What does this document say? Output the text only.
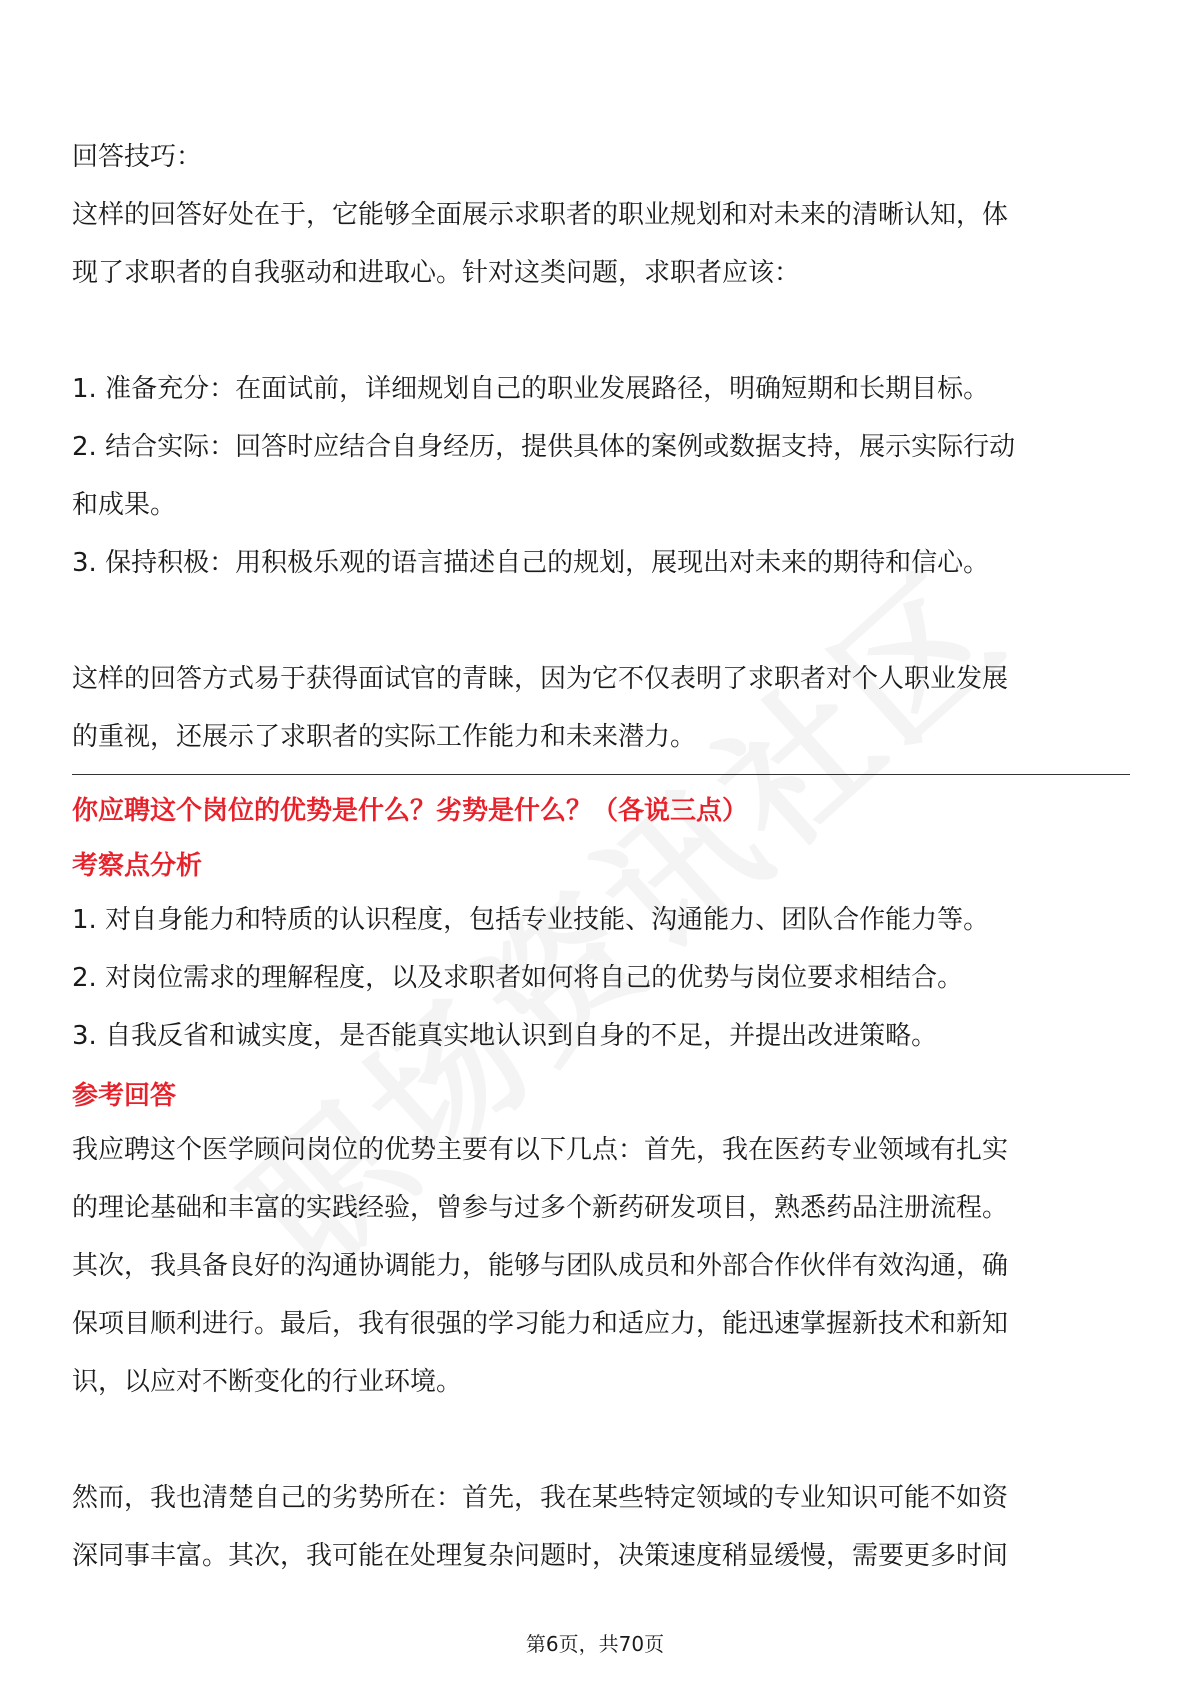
回答技巧：
这样的回答好处在于，它能够全面展示求职者的职业规划和对未来的清晰认知，体
现了求职者的自我驱动和进取心。针对这类问题，求职者应该：
1. 准备充分：在面试前，详细规划自己的职业发展路径，明确短期和长期目标。
2. 结合实际：回答时应结合自身经历，提供具体的案例或数据支持，展示实际行动
和成果。
3. 保持积极：用积极乐观的语言描述自己的规划，展现出对未来的期待和信心。
这样的回答方式易于获得面试官的青睐，因为它不仅表明了求职者对个人职业发展
的重视，还展示了求职者的实际工作能力和未来潜力。
你应聘这个岗位的优势是什么？劣势是什么？（各说三点）
考察点分析
1. 对自身能力和特质的认识程度，包括专业技能、沟通能力、团队合作能力等。
2. 对岗位需求的理解程度，以及求职者如何将自己的优势与岗位要求相结合。
3. 自我反省和诚实度，是否能真实地认识到自身的不足，并提出改进策略。
参考回答
我应聘这个医学顾问岗位的优势主要有以下几点：首先，我在医药专业领域有扎实
的理论基础和丰富的实践经验，曾参与过多个新药研发项目，熟悉药品注册流程。
其次，我具备良好的沟通协调能力，能够与团队成员和外部合作伙伴有效沟通，确
保项目顺利进行。最后，我有很强的学习能力和适应力，能迅速掌握新技术和新知
识，以应对不断变化的行业环境。
然而，我也清楚自己的劣势所在：首先，我在某些特定领域的专业知识可能不如资
深同事丰富。其次，我可能在处理复杂问题时，决策速度稍显缓慢，需要更多时间
第6页，共70页
